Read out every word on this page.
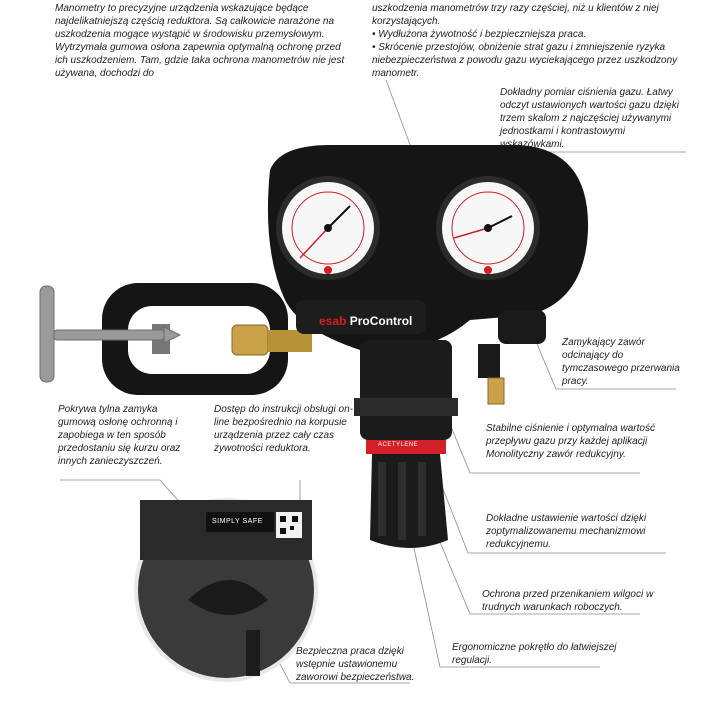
esab ProControl
SIMPLY SAFE
ACETYLENE

Manometry to precyzyjne urządzenia wskazujące będące najdelikatniejszą częścią reduktora. Są całkowicie narażone na uszkodzenia mogące wystąpić w środowisku przemysłowym. Wytrzymała gumowa osłona zapewnia optymalną ochronę przed ich uszkodzeniem. Tam, gdzie taka ochrona manometrów nie jest używana, dochodzi do

uszkodzenia manometrów trzy razy częściej, niż u klientów z niej korzystających.

• Wydłużona żywotność i bezpieczniejsza praca.

• Skrócenie przestojów, obniżenie strat gazu i zmniejszenie ryzyka niebezpieczeństwa z powodu gazu wyciekającego przez uszkodzony manometr.

Dokładny pomiar ciśnienia gazu. Łatwy odczyt ustawionych wartości gazu dzięki trzem skalom z najczęściej używanymi jednostkami i kontrastowymi wskazówkami.

Zamykający zawór odcinający do tymczasowego przerwania pracy.

Pokrywa tylna zamyka gumową osłonę ochronną i zapobiega w ten sposób przedostaniu się kurzu oraz innych zanieczyszczeń.

Dostęp do instrukcji obsługi on-line bezpośrednio na korpusie urządzenia przez cały czas żywotności reduktora.

Stabilne ciśnienie i optymalna wartość przepływu gazu przy każdej aplikacji

Monolityczny zawór redukcyjny.

Dokładne ustawienie wartości dzięki zoptymalizowanemu mechanizmowi redukcyjnemu.

Ochrona przed przenikaniem wilgoci w trudnych warunkach roboczych.

Ergonomiczne pokrętło do łatwiejszej regulacji.

Bezpieczna praca dzięki wstępnie ustawionemu zaworowi bezpieczeństwa.
